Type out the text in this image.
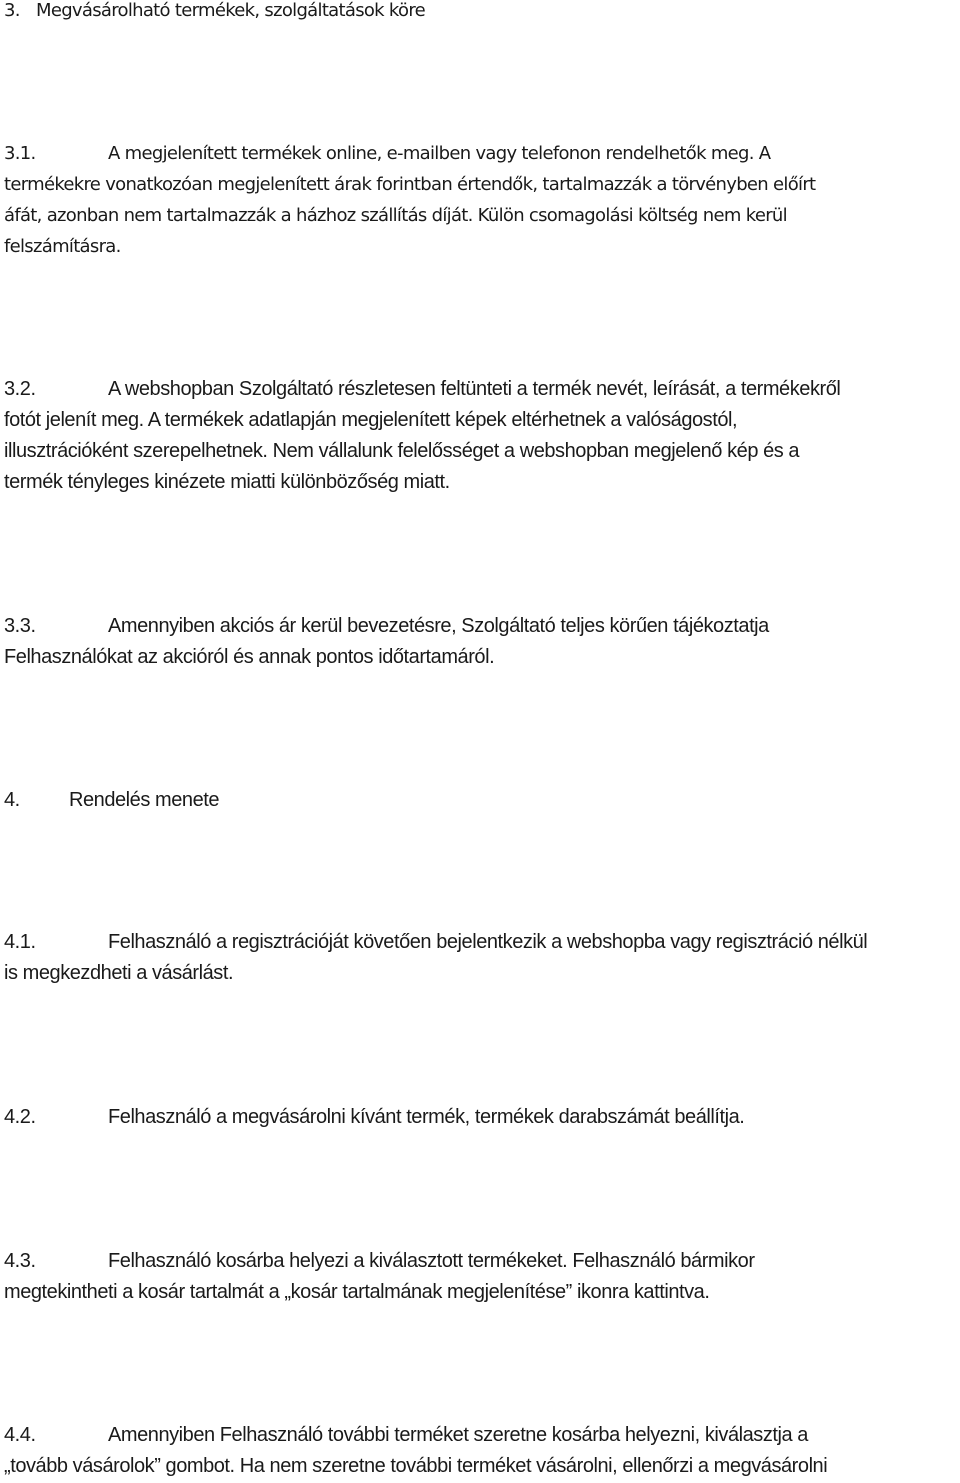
3. Megvásárolható termékek, szolgáltatások köre
3.1.	A megjelenített termékek online, e-mailben vagy telefonon rendelhetők meg. A
termékekre vonatkozóan megjelenített árak forintban értendők, tartalmazzák a törvényben előírt
áfát, azonban nem tartalmazzák a házhoz szállítás díját. Külön csomagolási költség nem kerül
felszámításra.
3.2.	A webshopban Szolgáltató részletesen feltünteti a termék nevét, leírását, a termékekről
fotót jelenít meg. A termékek adatlapján megjelenített képek eltérhetnek a valóságostól,
illusztrációként szerepelhetnek. Nem vállalunk felelősséget a webshopban megjelenő kép és a
termék tényleges kinézete miatti különbözőség miatt.
3.3.	Amennyiben akciós ár kerül bevezetésre, Szolgáltató teljes körűen tájékoztatja
Felhasználókat az akcióról és annak pontos időtartamáról.
4. Rendelés menete
4.1.	Felhasználó a regisztrációját követően bejelentkezik a webshopba vagy regisztráció nélkül
is megkezdheti a vásárlást.
4.2.	Felhasználó a megvásárolni kívánt termék, termékek darabszámát beállítja.
4.3.	Felhasználó kosárba helyezi a kiválasztott termékeket. Felhasználó bármikor
megtekintheti a kosár tartalmát a „kosár tartalmának megjelenítése” ikonra kattintva.
4.4.	Amennyiben Felhasználó további terméket szeretne kosárba helyezni, kiválasztja a
„tovább vásárolok” gombot. Ha nem szeretne további terméket vásárolni, ellenőrzi a megvásárolni
